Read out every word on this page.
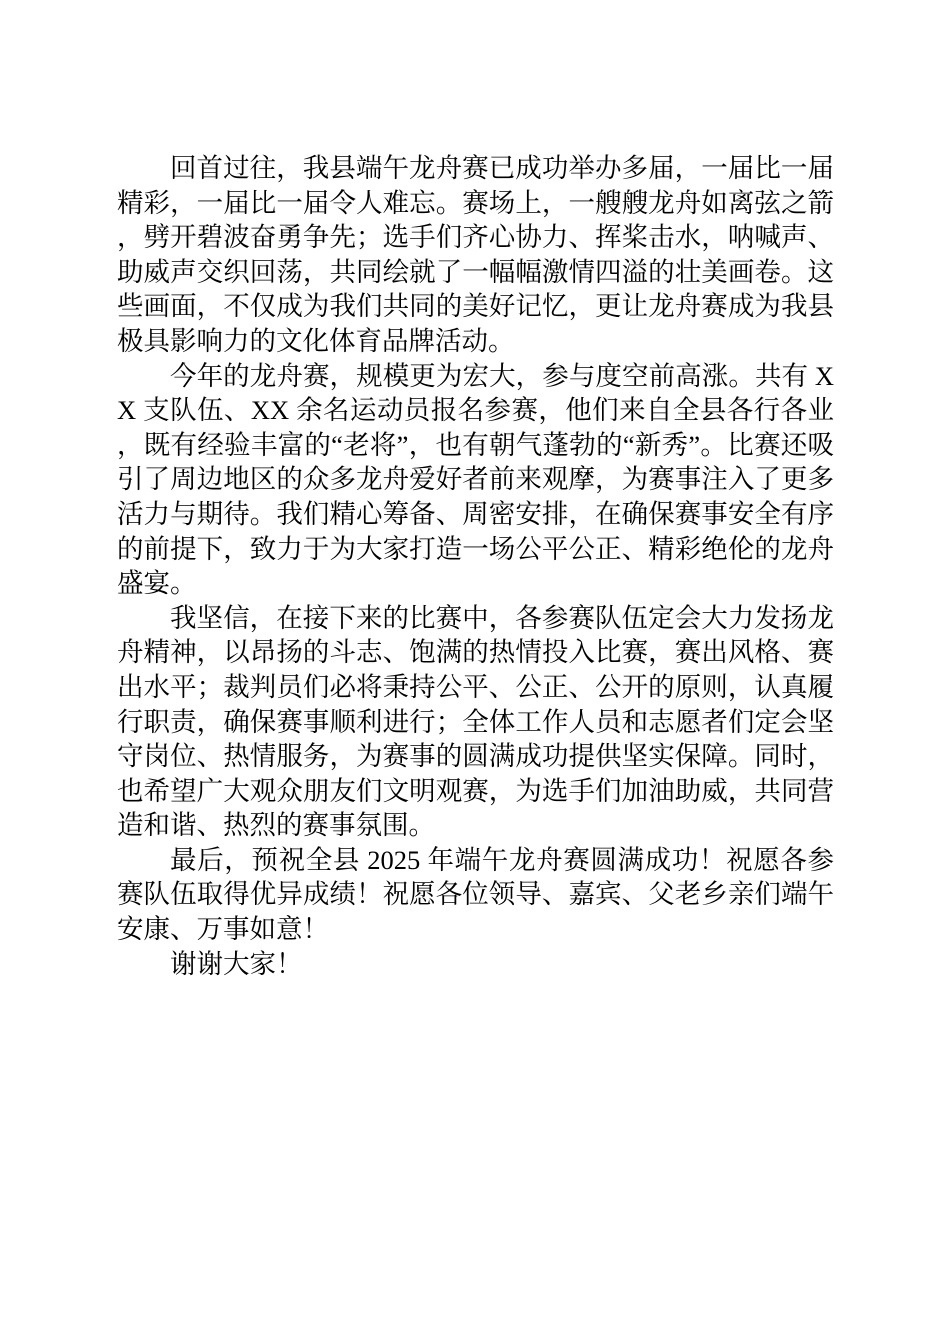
回首过往，我县端午龙舟赛已成功举办多届，一届比一届精彩，一届比一届令人难忘。赛场上，一艘艘龙舟如离弦之箭，劈开碧波奋勇争先；选手们齐心协力、挥桨击水，呐喊声、助威声交织回荡，共同绘就了一幅幅激情四溢的壮美画卷。这些画面，不仅成为我们共同的美好记忆，更让龙舟赛成为我县极具影响力的文化体育品牌活动。

今年的龙舟赛，规模更为宏大，参与度空前高涨。共有 XX 支队伍、XX 余名运动员报名参赛，他们来自全县各行各业，既有经验丰富的“老将”，也有朝气蓬勃的“新秀”。比赛还吸引了周边地区的众多龙舟爱好者前来观摩，为赛事注入了更多活力与期待。我们精心筹备、周密安排，在确保赛事安全有序的前提下，致力于为大家打造一场公平公正、精彩绝伦的龙舟盛宴。

我坚信，在接下来的比赛中，各参赛队伍定会大力发扬龙舟精神，以昂扬的斗志、饱满的热情投入比赛，赛出风格、赛出水平；裁判员们必将秉持公平、公正、公开的原则，认真履行职责，确保赛事顺利进行；全体工作人员和志愿者们定会坚守岗位、热情服务，为赛事的圆满成功提供坚实保障。同时，也希望广大观众朋友们文明观赛，为选手们加油助威，共同营造和谐、热烈的赛事氛围。

最后，预祝全县 2025 年端午龙舟赛圆满成功！祝愿各参赛队伍取得优异成绩！祝愿各位领导、嘉宾、父老乡亲们端午安康、万事如意！

谢谢大家！
